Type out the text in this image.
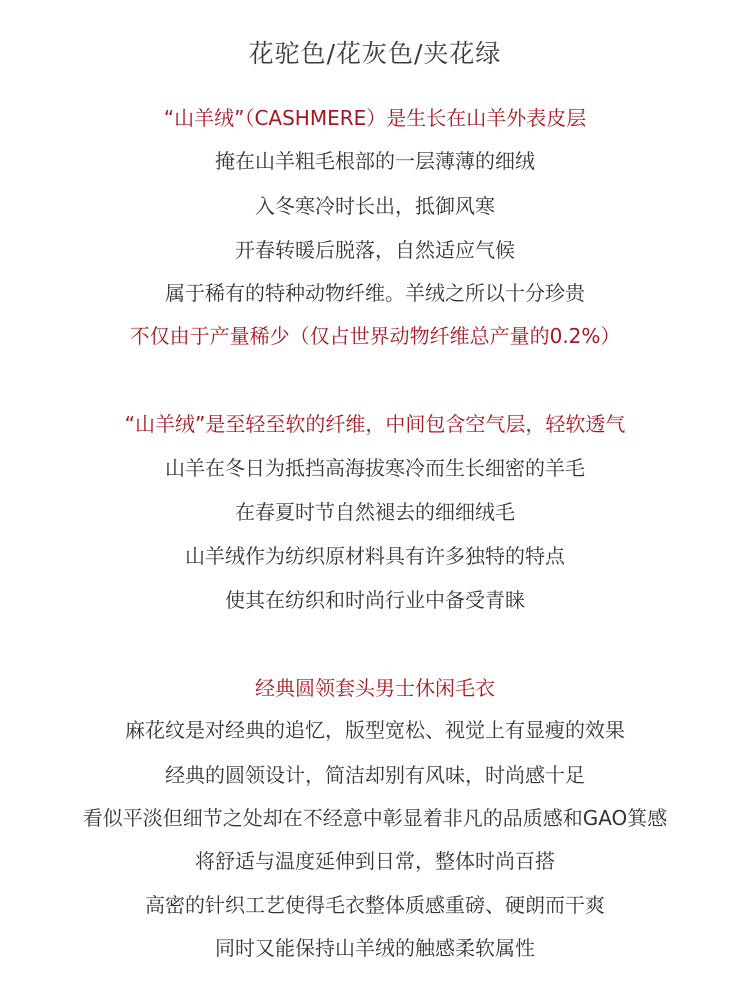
花驼色/花灰色/夹花绿
“山羊绒”（CASHMERE）是生长在山羊外表皮层
掩在山羊粗毛根部的一层薄薄的细绒
入冬寒冷时长出，抵御风寒
开春转暖后脱落，自然适应气候
属于稀有的特种动物纤维。羊绒之所以十分珍贵
不仅由于产量稀少（仅占世界动物纤维总产量的0.2%）
“山羊绒”是至轻至软的纤维，中间包含空气层，轻软透气
山羊在冬日为抵挡高海拔寒冷而生长细密的羊毛
在春夏时节自然褪去的细细绒毛
山羊绒作为纺织原材料具有许多独特的特点
使其在纺织和时尚行业中备受青睐
经典圆领套头男士休闲毛衣
麻花纹是对经典的追忆，版型宽松、视觉上有显瘦的效果
经典的圆领设计，简洁却别有风味，时尚感十足
看似平淡但细节之处却在不经意中彰显着非凡的品质感和GAO箕感
将舒适与温度延伸到日常，整体时尚百搭
高密的针织工艺使得毛衣整体质感重磅、硬朗而干爽
同时又能保持山羊绒的触感柔软属性
